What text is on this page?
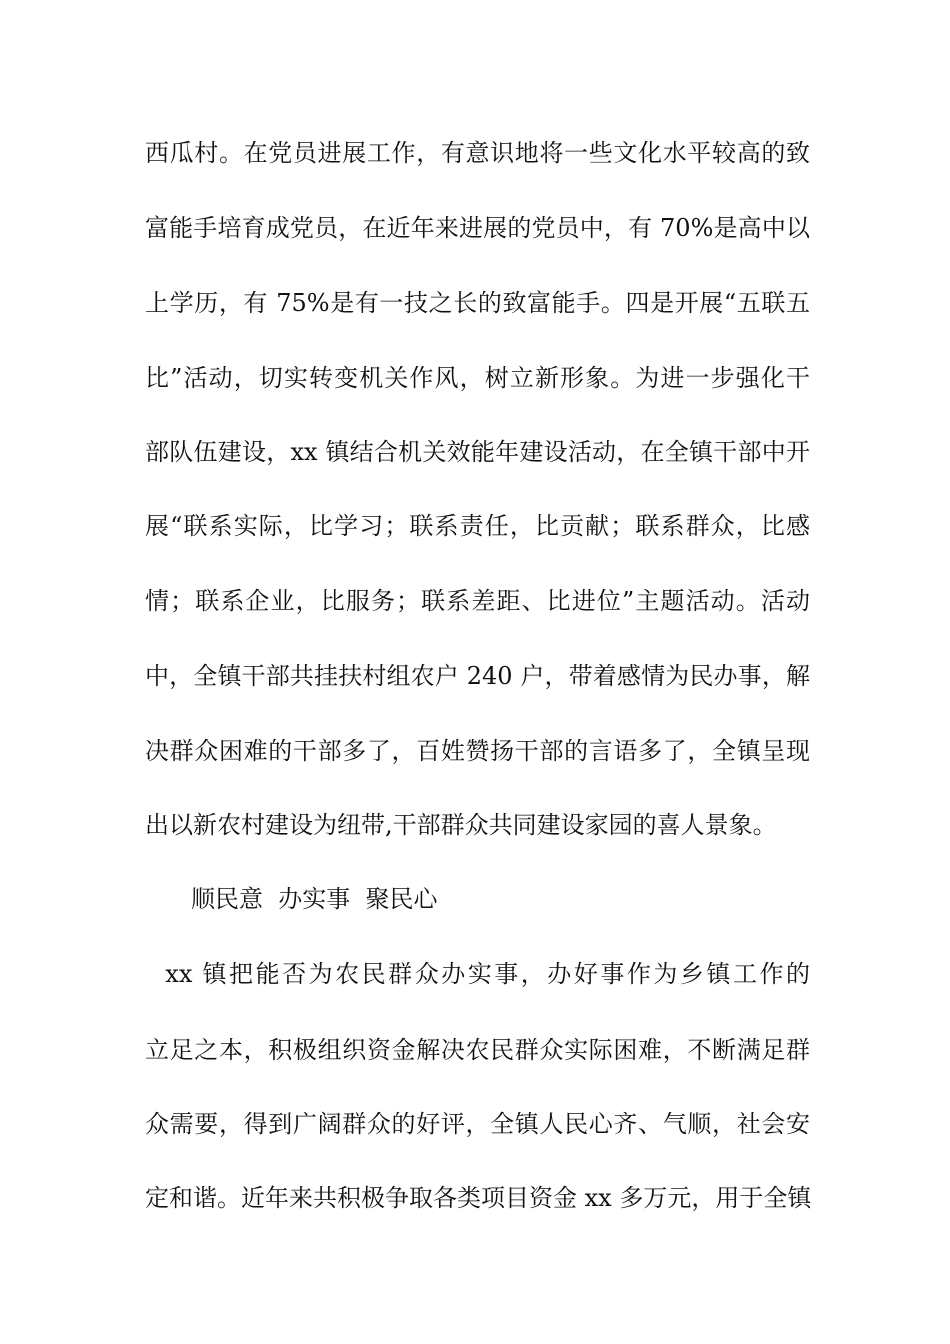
西瓜村。在党员进展工作，有意识地将一些文化水平较高的致
富能手培育成党员，在近年来进展的党员中，有 70%是高中以
上学历，有 75%是有一技之长的致富能手。四是开展“五联五
比”活动，切实转变机关作风，树立新形象。为进一步强化干
部队伍建设，xx 镇结合机关效能年建设活动，在全镇干部中开
展“联系实际，比学习；联系责任，比贡献；联系群众，比感
情；联系企业，比服务；联系差距、比进位”主题活动。活动
中，全镇干部共挂扶村组农户 240 户，带着感情为民办事，解
决群众困难的干部多了，百姓赞扬干部的言语多了，全镇呈现
出以新农村建设为纽带,干部群众共同建设家园的喜人景象。
顺民意  办实事  聚民心
xx 镇把能否为农民群众办实事，办好事作为乡镇工作的
立足之本，积极组织资金解决农民群众实际困难，不断满足群
众需要，得到广阔群众的好评，全镇人民心齐、气顺，社会安
定和谐。近年来共积极争取各类项目资金 xx 多万元，用于全镇
